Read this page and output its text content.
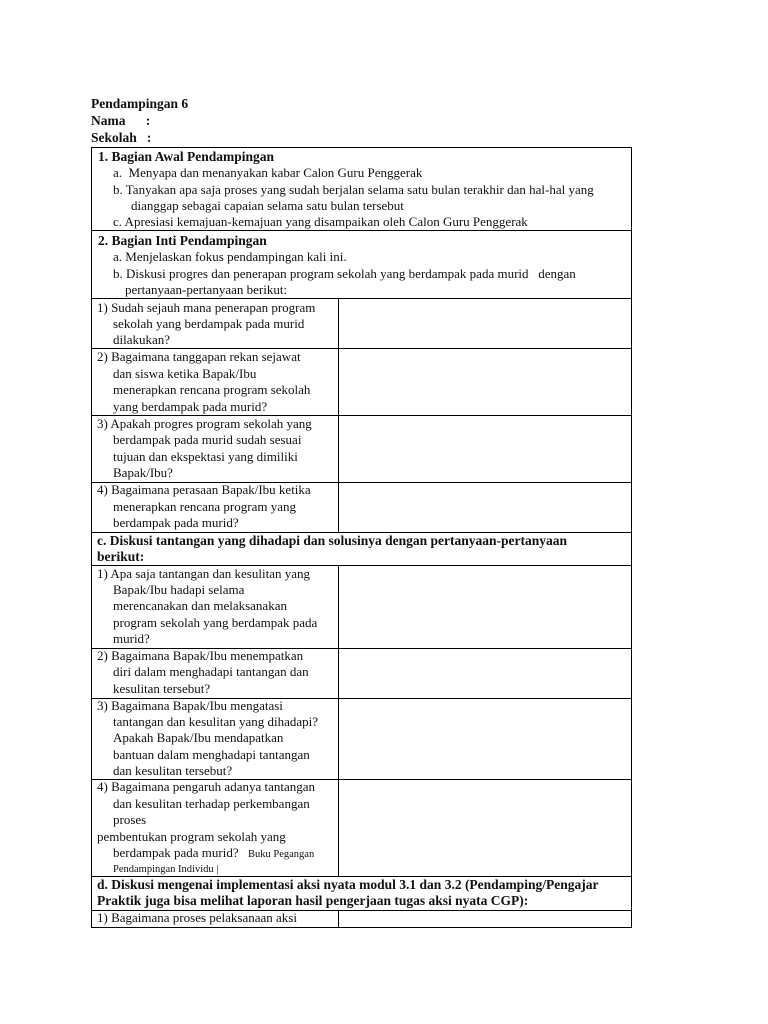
Pendampingan 6
Nama      :
Sekolah   :
1. Bagian Awal Pendampingan
a.  Menyapa dan menanyakan kabar Calon Guru Penggerak
b. Tanyakan apa saja proses yang sudah berjalan selama satu bulan terakhir dan hal-hal yang
dianggap sebagai capaian selama satu bulan tersebut
c. Apresiasi kemajuan-kemajuan yang disampaikan oleh Calon Guru Penggerak
2. Bagian Inti Pendampingan
a. Menjelaskan fokus pendampingan kali ini.
b. Diskusi progres dan penerapan program sekolah yang berdampak pada murid   dengan
pertanyaan-pertanyaan berikut:
1) Sudah sejauh mana penerapan program
sekolah yang berdampak pada murid
dilakukan?
2) Bagaimana tanggapan rekan sejawat
dan siswa ketika Bapak/Ibu
menerapkan rencana program sekolah
yang berdampak pada murid?
3) Apakah progres program sekolah yang
berdampak pada murid sudah sesuai
tujuan dan ekspektasi yang dimiliki
Bapak/Ibu?
4) Bagaimana perasaan Bapak/Ibu ketika
menerapkan rencana program yang
berdampak pada murid?
c. Diskusi tantangan yang dihadapi dan solusinya dengan pertanyaan-pertanyaan
berikut:
1) Apa saja tantangan dan kesulitan yang
Bapak/Ibu hadapi selama
merencanakan dan melaksanakan
program sekolah yang berdampak pada
murid?
2) Bagaimana Bapak/Ibu menempatkan
diri dalam menghadapi tantangan dan
kesulitan tersebut?
3) Bagaimana Bapak/Ibu mengatasi
tantangan dan kesulitan yang dihadapi?
Apakah Bapak/Ibu mendapatkan
bantuan dalam menghadapi tantangan
dan kesulitan tersebut?
4) Bagaimana pengaruh adanya tantangan
dan kesulitan terhadap perkembangan
proses
pembentukan program sekolah yang
berdampak pada murid? Buku Pegangan
Pendampingan Individu |
d. Diskusi mengenai implementasi aksi nyata modul 3.1 dan 3.2 (Pendamping/Pengajar
Praktik juga bisa melihat laporan hasil pengerjaan tugas aksi nyata CGP):
1) Bagaimana proses pelaksanaan aksi
